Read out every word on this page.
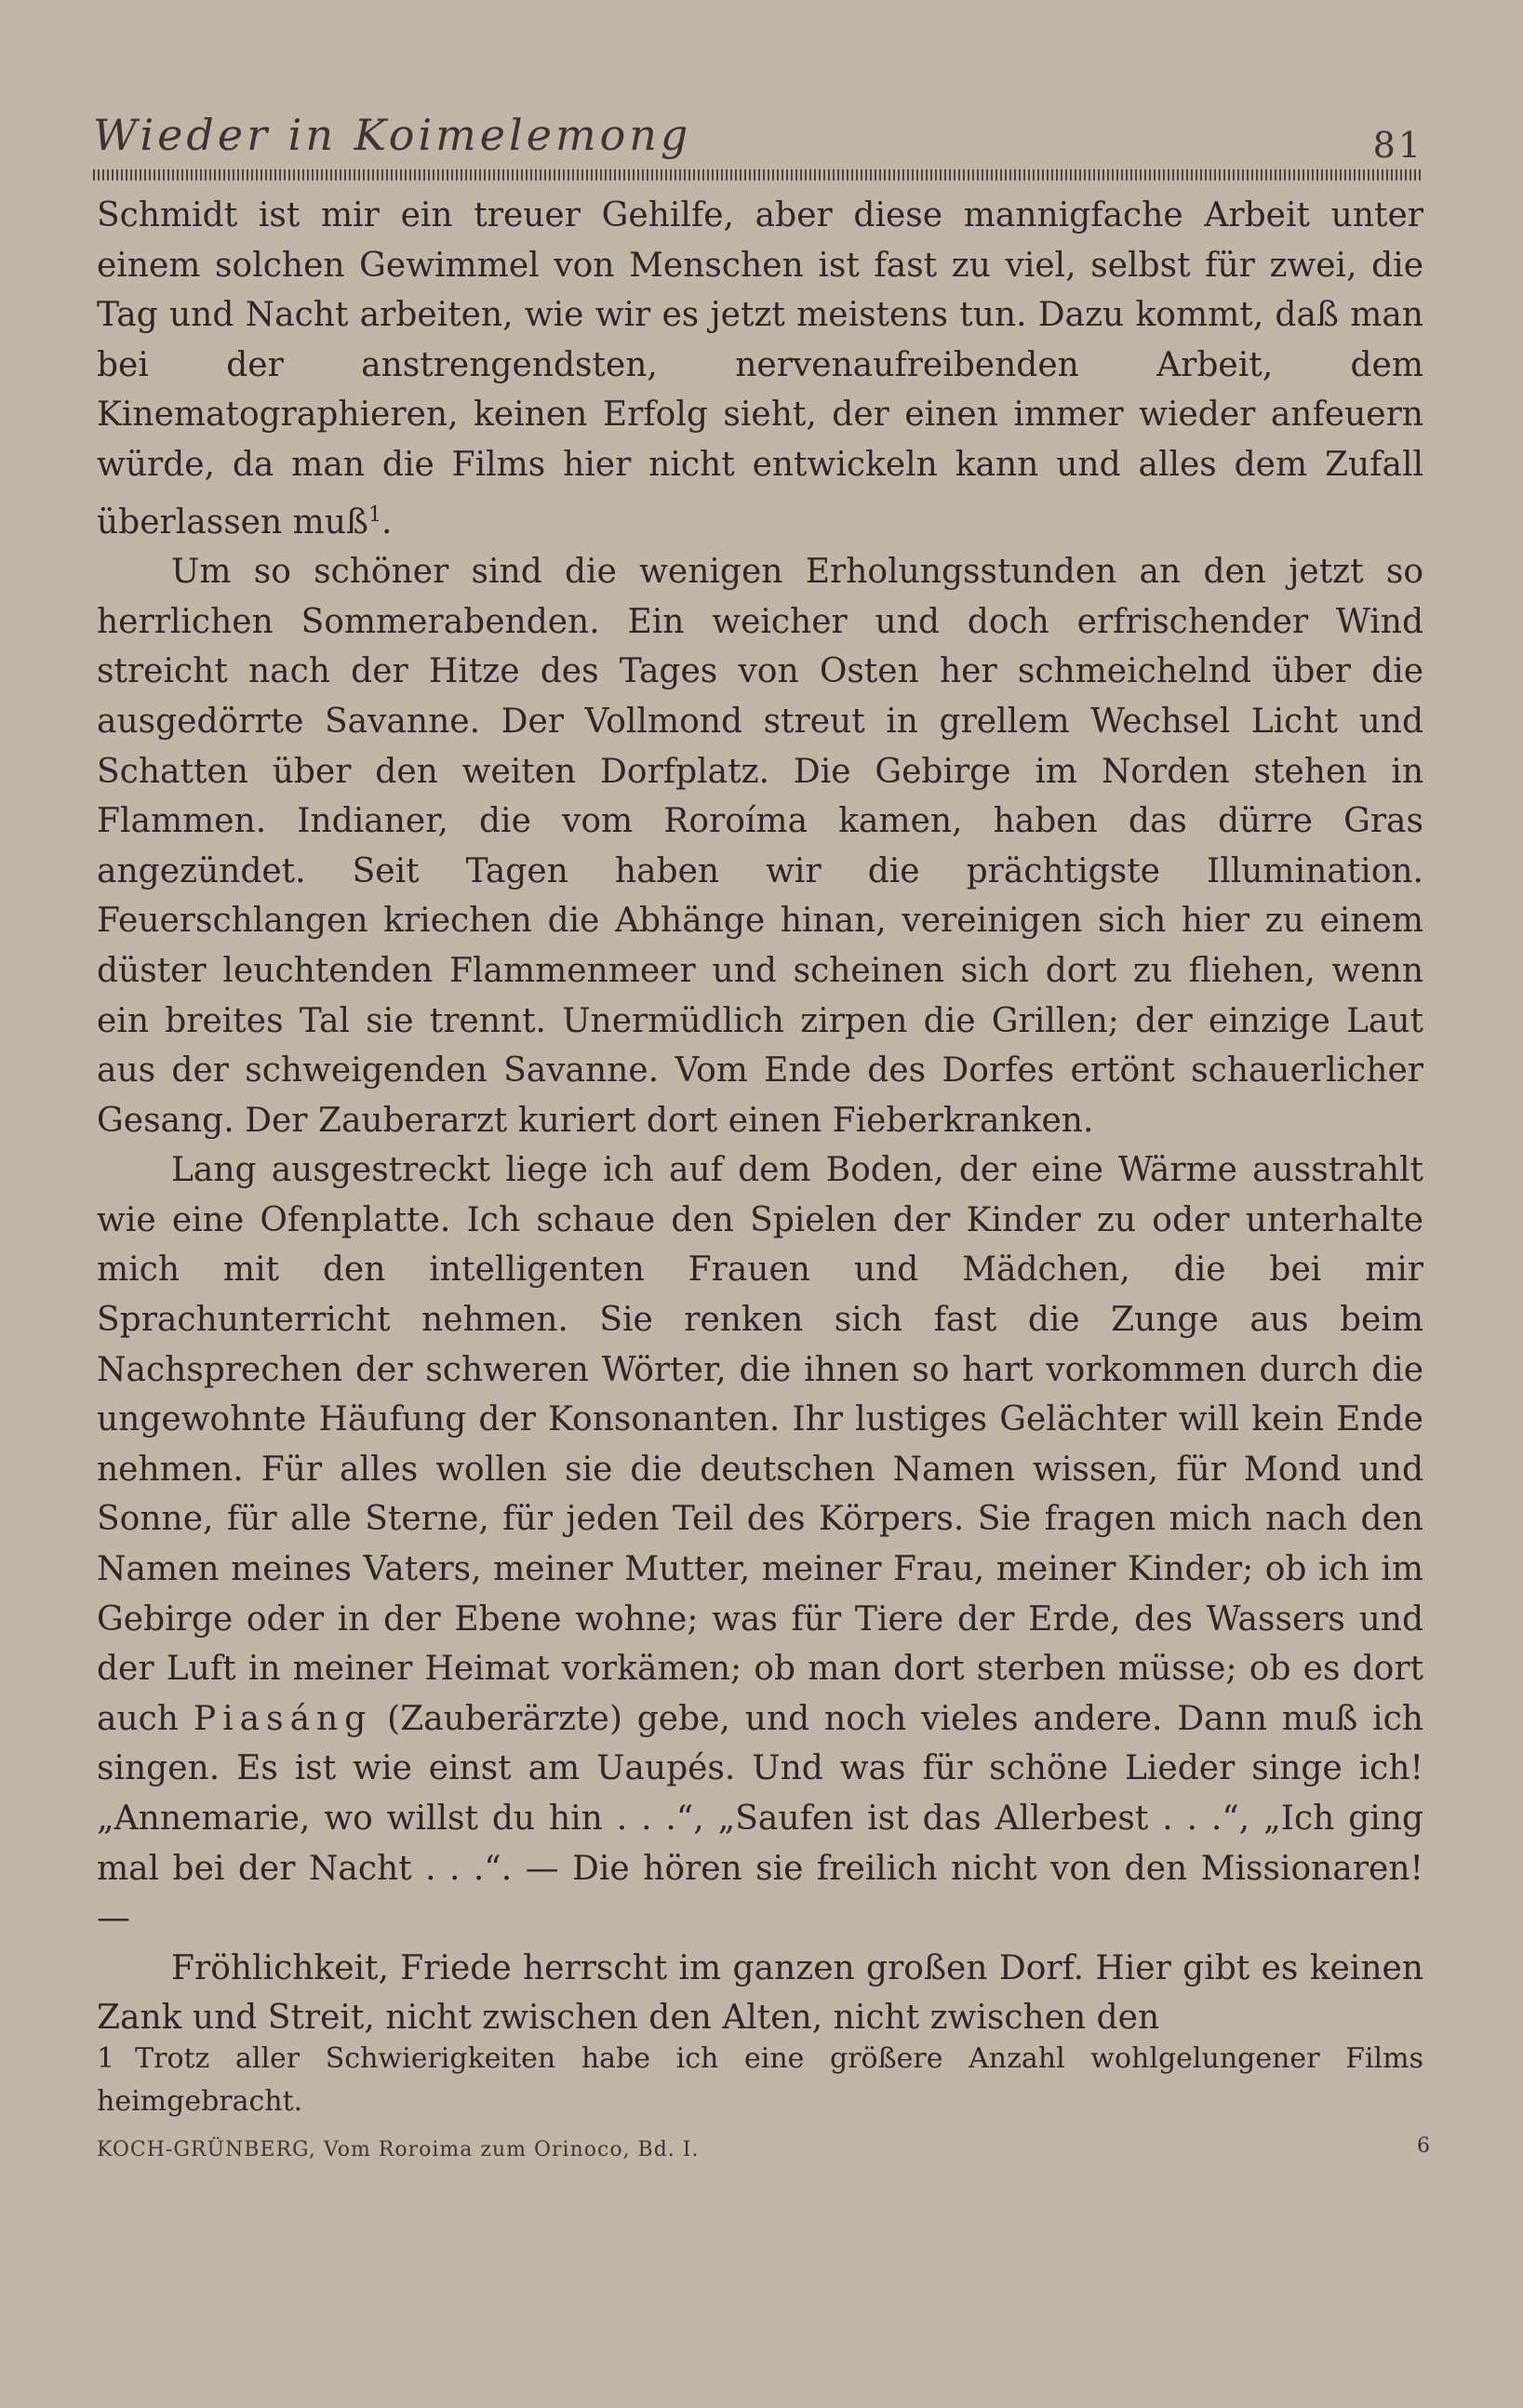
Wieder in Koimelemong	81

Schmidt ist mir ein treuer Gehilfe, aber diese mannigfache Arbeit unter einem solchen Gewimmel von Menschen ist fast zu viel, selbst für zwei, die Tag und Nacht arbeiten, wie wir es jetzt meistens tun. Dazu kommt, daß man bei der anstrengendsten, nervenaufreibenden Arbeit, dem Kinematographieren, keinen Erfolg sieht, der einen immer wieder anfeuern würde, da man die Films hier nicht entwickeln kann und alles dem Zufall überlassen muß$^1$.

Um so schöner sind die wenigen Erholungsstunden an den jetzt so herrlichen Sommerabenden. Ein weicher und doch erfrischender Wind streicht nach der Hitze des Tages von Osten her schmeichelnd über die ausgedörrte Savanne. Der Vollmond streut in grellem Wechsel Licht und Schatten über den weiten Dorfplatz. Die Gebirge im Norden stehen in Flammen. Indianer, die vom Roroíma kamen, haben das dürre Gras angezündet. Seit Tagen haben wir die prächtigste Illumination. Feuerschlangen kriechen die Abhänge hinan, vereinigen sich hier zu einem düster leuchtenden Flammenmeer und scheinen sich dort zu fliehen, wenn ein breites Tal sie trennt. Unermüdlich zirpen die Grillen; der einzige Laut aus der schweigenden Savanne. Vom Ende des Dorfes ertönt schauerlicher Gesang. Der Zauberarzt kuriert dort einen Fieberkranken.

Lang ausgestreckt liege ich auf dem Boden, der eine Wärme ausstrahlt wie eine Ofenplatte. Ich schaue den Spielen der Kinder zu oder unterhalte mich mit den intelligenten Frauen und Mädchen, die bei mir Sprachunterricht nehmen. Sie renken sich fast die Zunge aus beim Nachsprechen der schweren Wörter, die ihnen so hart vorkommen durch die ungewohnte Häufung der Konsonanten. Ihr lustiges Gelächter will kein Ende nehmen. Für alles wollen sie die deutschen Namen wissen, für Mond und Sonne, für alle Sterne, für jeden Teil des Körpers. Sie fragen mich nach den Namen meines Vaters, meiner Mutter, meiner Frau, meiner Kinder; ob ich im Gebirge oder in der Ebene wohne; was für Tiere der Erde, des Wassers und der Luft in meiner Heimat vorkämen; ob man dort sterben müsse; ob es dort auch Piasáng (Zauberärzte) gebe, und noch vieles andere. Dann muß ich singen. Es ist wie einst am Uaupés. Und was für schöne Lieder singe ich! „Annemarie, wo willst du hin . . .“, „Saufen ist das Allerbest . . .“, „Ich ging mal bei der Nacht . . .“. — Die hören sie freilich nicht von den Missionaren! —

Fröhlichkeit, Friede herrscht im ganzen großen Dorf. Hier gibt es keinen Zank und Streit, nicht zwischen den Alten, nicht zwischen den

1 Trotz aller Schwierigkeiten habe ich eine größere Anzahl wohlgelungener Films heimgebracht.
KOCH-GRÜNBERG, Vom Roroima zum Orinoco, Bd. I.	6
